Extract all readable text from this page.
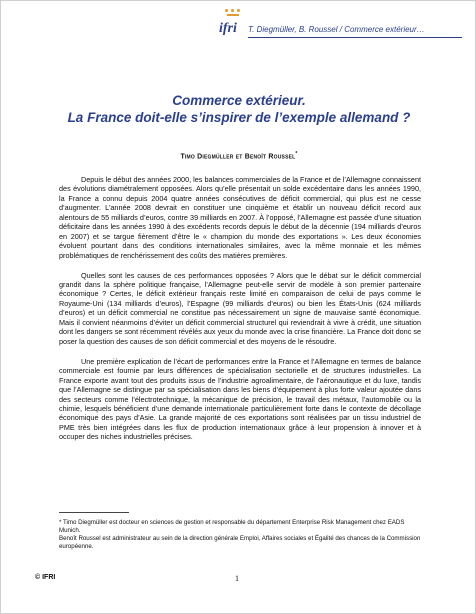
ifri T. Diegmüller, B. Roussel / Commerce extérieur…
Commerce extérieur.
La France doit-elle s’inspirer de l’exemple allemand ?
Timo Diegmüller et Benoît Roussel*

Depuis le début des années 2000, les balances commerciales de la France et de l’Allemagne connaissent des évolutions diamétralement opposées. Alors qu’elle présentait un solde excédentaire dans les années 1990, la France a connu depuis 2004 quatre années consécutives de déficit commercial, qui plus est ne cesse d’augmenter. L’année 2008 devrait en constituer une cinquième et établir un nouveau déficit record aux alentours de 55 milliards d’euros, contre 39 milliards en 2007. À l’opposé, l’Allemagne est passée d’une situation déficitaire dans les années 1990 à des excédents records depuis le début de la décennie (194 milliards d’euros en 2007) et se targue fièrement d’être le « champion du monde des exportations ». Les deux économies évoluent pourtant dans des conditions internationales similaires, avec la même monnaie et les mêmes problématiques de renchérissement des coûts des matières premières.

Quelles sont les causes de ces performances opposées ? Alors que le débat sur le déficit commercial grandit dans la sphère politique française, l’Allemagne peut-elle servir de modèle à son premier partenaire économique ? Certes, le déficit extérieur français reste limité en comparaison de celui de pays comme le Royaume-Uni (134 milliards d’euros), l’Espagne (99 milliards d’euros) ou bien les États-Unis (624 milliards d’euros) et un déficit commercial ne constitue pas nécessairement un signe de mauvaise santé économique. Mais il convient néanmoins d’éviter un déficit commercial structurel qui reviendrait à vivre à crédit, une situation dont les dangers se sont récemment révélés aux yeux du monde avec la crise financière. La France doit donc se poser la question des causes de son déficit commercial et des moyens de le résoudre.

Une première explication de l’écart de performances entre la France et l’Allemagne en termes de balance commerciale est fournie par leurs différences de spécialisation sectorielle et de structures industrielles. La France exporte avant tout des produits issus de l’industrie agroalimentaire, de l’aéronautique et du luxe, tandis que l’Allemagne se distingue par sa spécialisation dans les biens d’équipement à plus forte valeur ajoutée dans des secteurs comme l’électrotechnique, la mécanique de précision, le travail des métaux, l’automobile ou la chimie, lesquels bénéficient d’une demande internationale particulièrement forte dans le contexte de décollage économique des pays d’Asie. La grande majorité de ces exportations sont réalisées par un tissu industriel de PME très bien intégrées dans les flux de production internationaux grâce à leur propension à innover et à occuper des niches industrielles précises.

* Timo Diegmüller est docteur en sciences de gestion et responsable du département Enterprise Risk Management chez EADS Munich.

Benoît Roussel est administrateur au sein de la direction générale Emploi, Affaires sociales et Égalité des chances de la Commission européenne.

© IFRI	1
